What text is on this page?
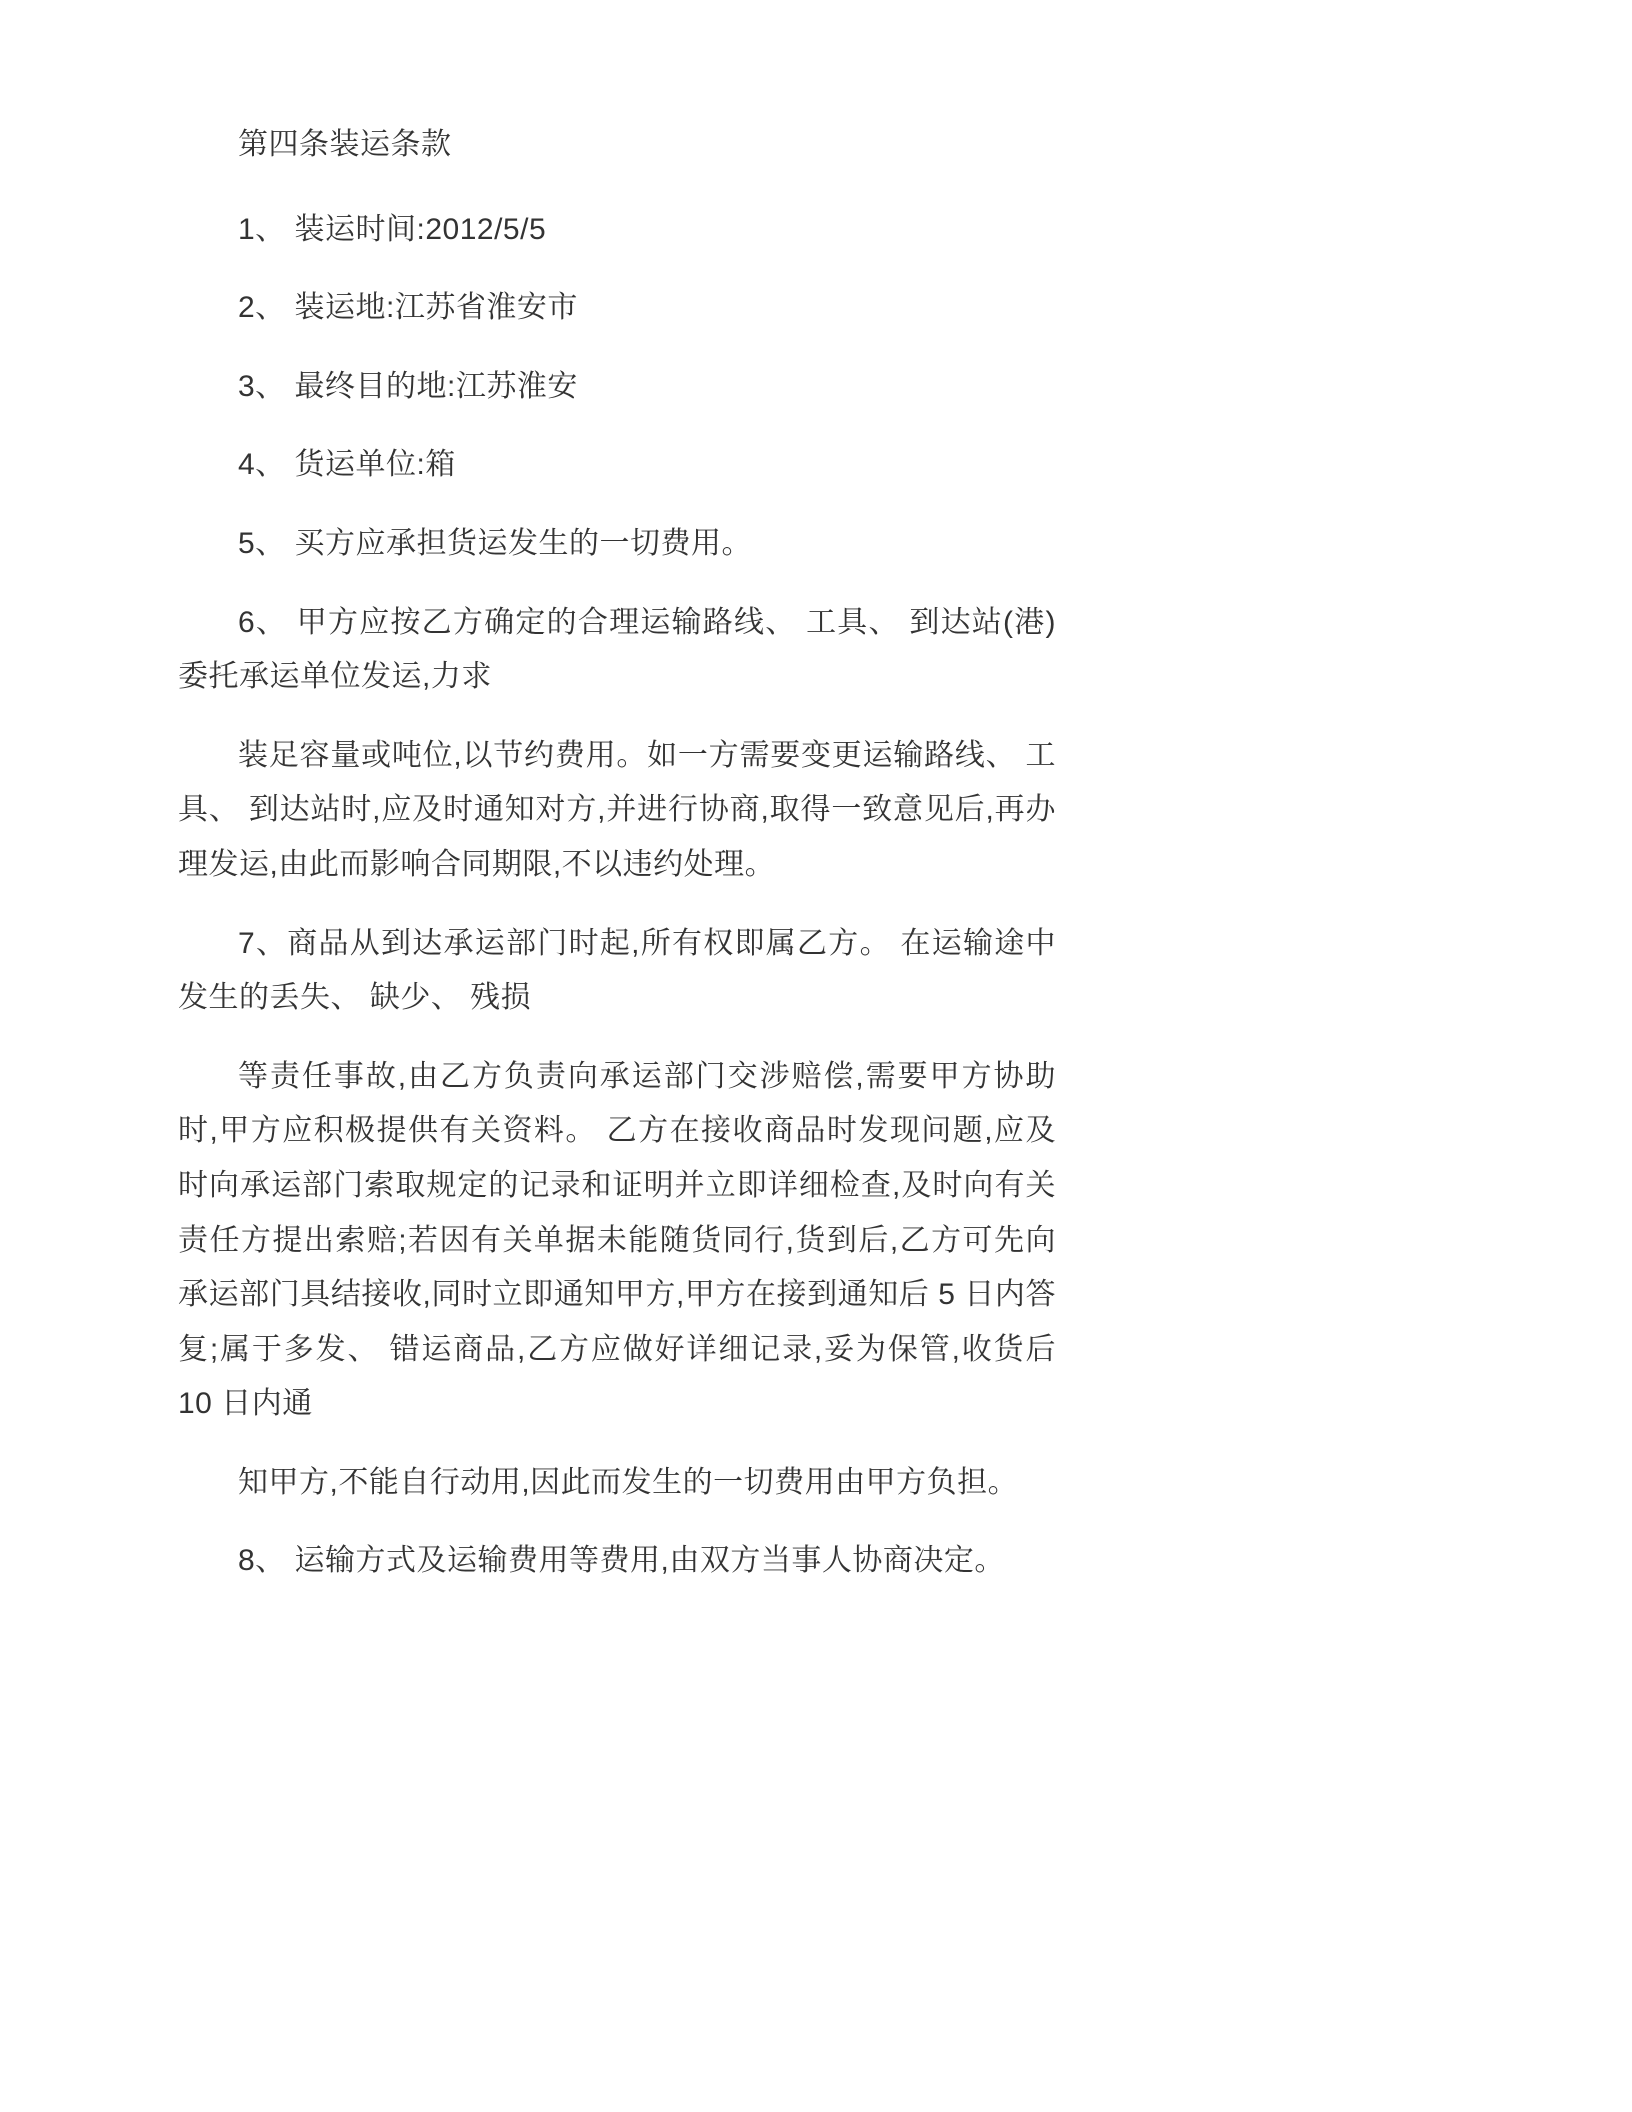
第四条装运条款

1、 装运时间:2012/5/5

2、 装运地:江苏省淮安市

3、 最终目的地:江苏淮安

4、 货运单位:箱

5、 买方应承担货运发生的一切费用。

6、 甲方应按乙方确定的合理运输路线、 工具、 到达站(港)委托承运单位发运,力求

装足容量或吨位,以节约费用。如一方需要变更运输路线、 工具、 到达站时,应及时通知对方,并进行协商,取得一致意见后,再办理发运,由此而影响合同期限,不以违约处理。

7、商品从到达承运部门时起,所有权即属乙方。 在运输途中发生的丢失、 缺少、 残损

等责任事故,由乙方负责向承运部门交涉赔偿,需要甲方协助时,甲方应积极提供有关资料。 乙方在接收商品时发现问题,应及时向承运部门索取规定的记录和证明并立即详细检查,及时向有关责任方提出索赔;若因有关单据未能随货同行,货到后,乙方可先向承运部门具结接收,同时立即通知甲方,甲方在接到通知后 5 日内答复;属于多发、 错运商品,乙方应做好详细记录,妥为保管,收货后 10 日内通

知甲方,不能自行动用,因此而发生的一切费用由甲方负担。

8、 运输方式及运输费用等费用,由双方当事人协商决定。
